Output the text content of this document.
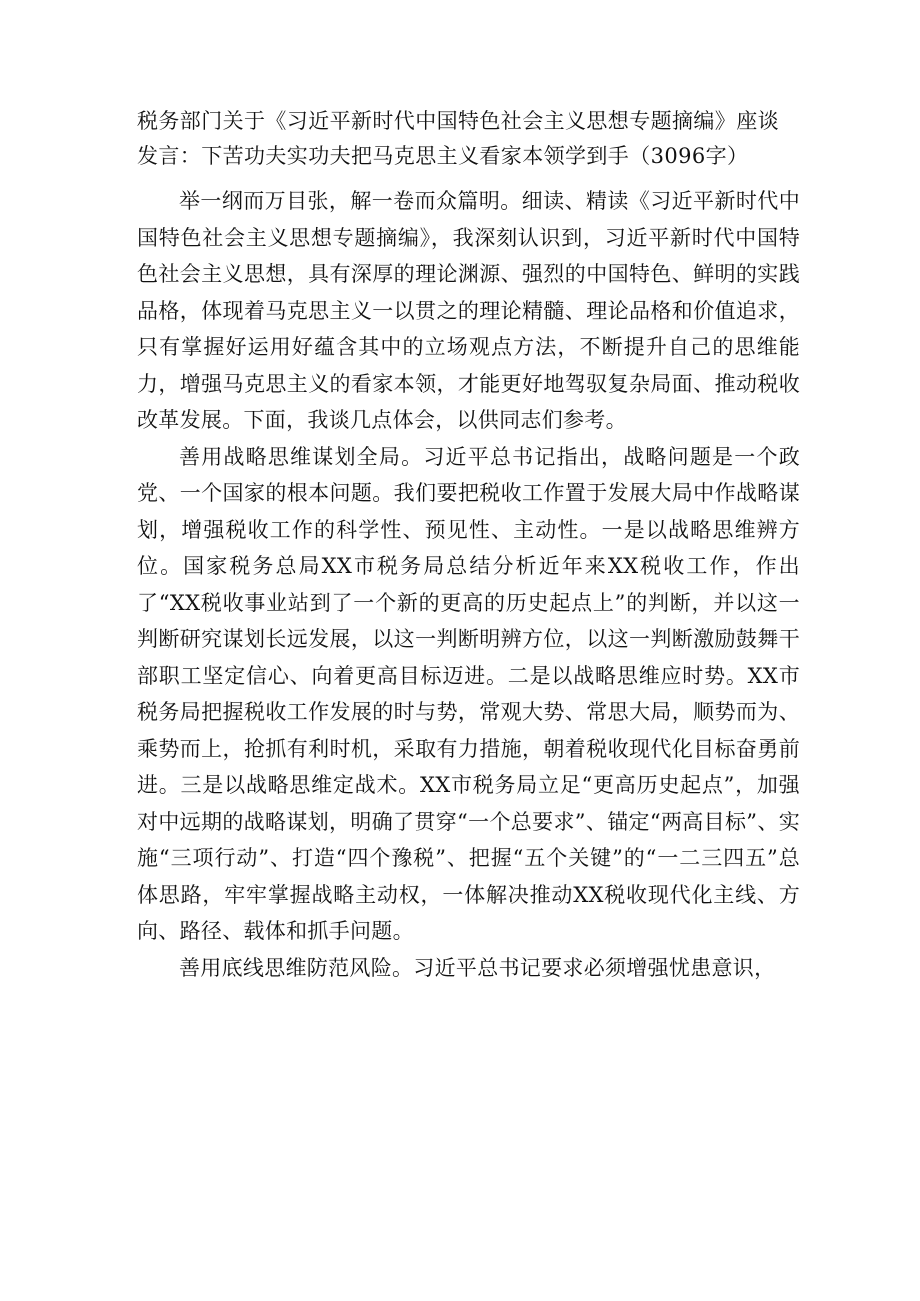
税务部门关于《习近平新时代中国特色社会主义思想专题摘编》座谈
发言：下苦功夫实功夫把马克思主义看家本领学到手（3096字）

举一纲而万目张，解一卷而众篇明。细读、精读《习近平新时代中国特色社会主义思想专题摘编》，我深刻认识到，习近平新时代中国特色社会主义思想，具有深厚的理论渊源、强烈的中国特色、鲜明的实践品格，体现着马克思主义一以贯之的理论精髓、理论品格和价值追求，只有掌握好运用好蕴含其中的立场观点方法，不断提升自己的思维能力，增强马克思主义的看家本领，才能更好地驾驭复杂局面、推动税收改革发展。下面，我谈几点体会，以供同志们参考。

善用战略思维谋划全局。习近平总书记指出，战略问题是一个政党、一个国家的根本问题。我们要把税收工作置于发展大局中作战略谋划，增强税收工作的科学性、预见性、主动性。一是以战略思维辨方位。国家税务总局XX市税务局总结分析近年来XX税收工作，作出了“XX税收事业站到了一个新的更高的历史起点上”的判断，并以这一判断研究谋划长远发展，以这一判断明辨方位，以这一判断激励鼓舞干部职工坚定信心、向着更高目标迈进。二是以战略思维应时势。XX市税务局把握税收工作发展的时与势，常观大势、常思大局，顺势而为、乘势而上，抢抓有利时机，采取有力措施，朝着税收现代化目标奋勇前进。三是以战略思维定战术。XX市税务局立足“更高历史起点”，加强对中远期的战略谋划，明确了贯穿“一个总要求”、锚定“两高目标”、实施“三项行动”、打造“四个豫税”、把握“五个关键”的“一二三四五”总体思路，牢牢掌握战略主动权，一体解决推动XX税收现代化主线、方向、路径、载体和抓手问题。

善用底线思维防范风险。习近平总书记要求必须增强忧患意识，
